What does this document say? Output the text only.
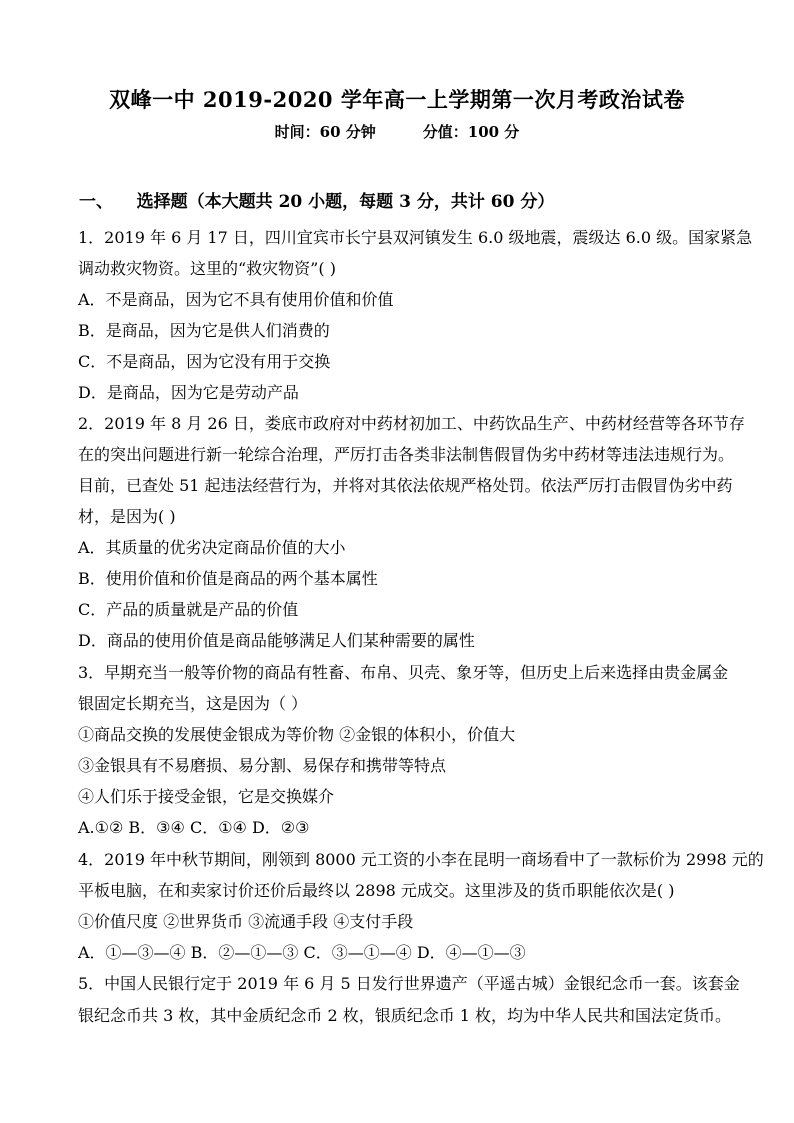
双峰一中 2019-2020 学年高一上学期第一次月考政治试卷
时间：60 分钟         分值：100 分
一、    选择题（本大题共 20 小题，每题 3 分，共计 60 分）
1．2019 年 6 月 17 日，四川宜宾市长宁县双河镇发生 6.0 级地震，震级达 6.0 级。国家紧急
调动救灾物资。这里的“救灾物资”( )
A．不是商品，因为它不具有使用价值和价值
B．是商品，因为它是供人们消费的
C．不是商品，因为它没有用于交换
D．是商品，因为它是劳动产品
2．2019 年 8 月 26 日，娄底市政府对中药材初加工、中药饮品生产、中药材经营等各环节存
在的突出问题进行新一轮综合治理，严厉打击各类非法制售假冒伪劣中药材等违法违规行为。
目前，已查处 51 起违法经营行为，并将对其依法依规严格处罚。依法严厉打击假冒伪劣中药
材，是因为( )
A．其质量的优劣决定商品价值的大小
B．使用价值和价值是商品的两个基本属性
C．产品的质量就是产品的价值
D．商品的使用价值是商品能够满足人们某种需要的属性
3．早期充当一般等价物的商品有牲畜、布帛、贝壳、象牙等，但历史上后来选择由贵金属金
银固定长期充当，这是因为（ ）
①商品交换的发展使金银成为等价物 ②金银的体积小，价值大
③金银具有不易磨损、易分割、易保存和携带等特点
④人们乐于接受金银，它是交换媒介
A.①② B．③④ C．①④ D．②③
4．2019 年中秋节期间，刚领到 8000 元工资的小李在昆明一商场看中了一款标价为 2998 元的
平板电脑，在和卖家讨价还价后最终以 2898 元成交。这里涉及的货币职能依次是( )
①价值尺度 ②世界货币 ③流通手段 ④支付手段
A．①—③—④ B．②—①—③ C．③—①—④ D．④—①—③
5．中国人民银行定于 2019 年 6 月 5 日发行世界遗产（平遥古城）金银纪念币一套。该套金
银纪念币共 3 枚，其中金质纪念币 2 枚，银质纪念币 1 枚，均为中华人民共和国法定货币。
